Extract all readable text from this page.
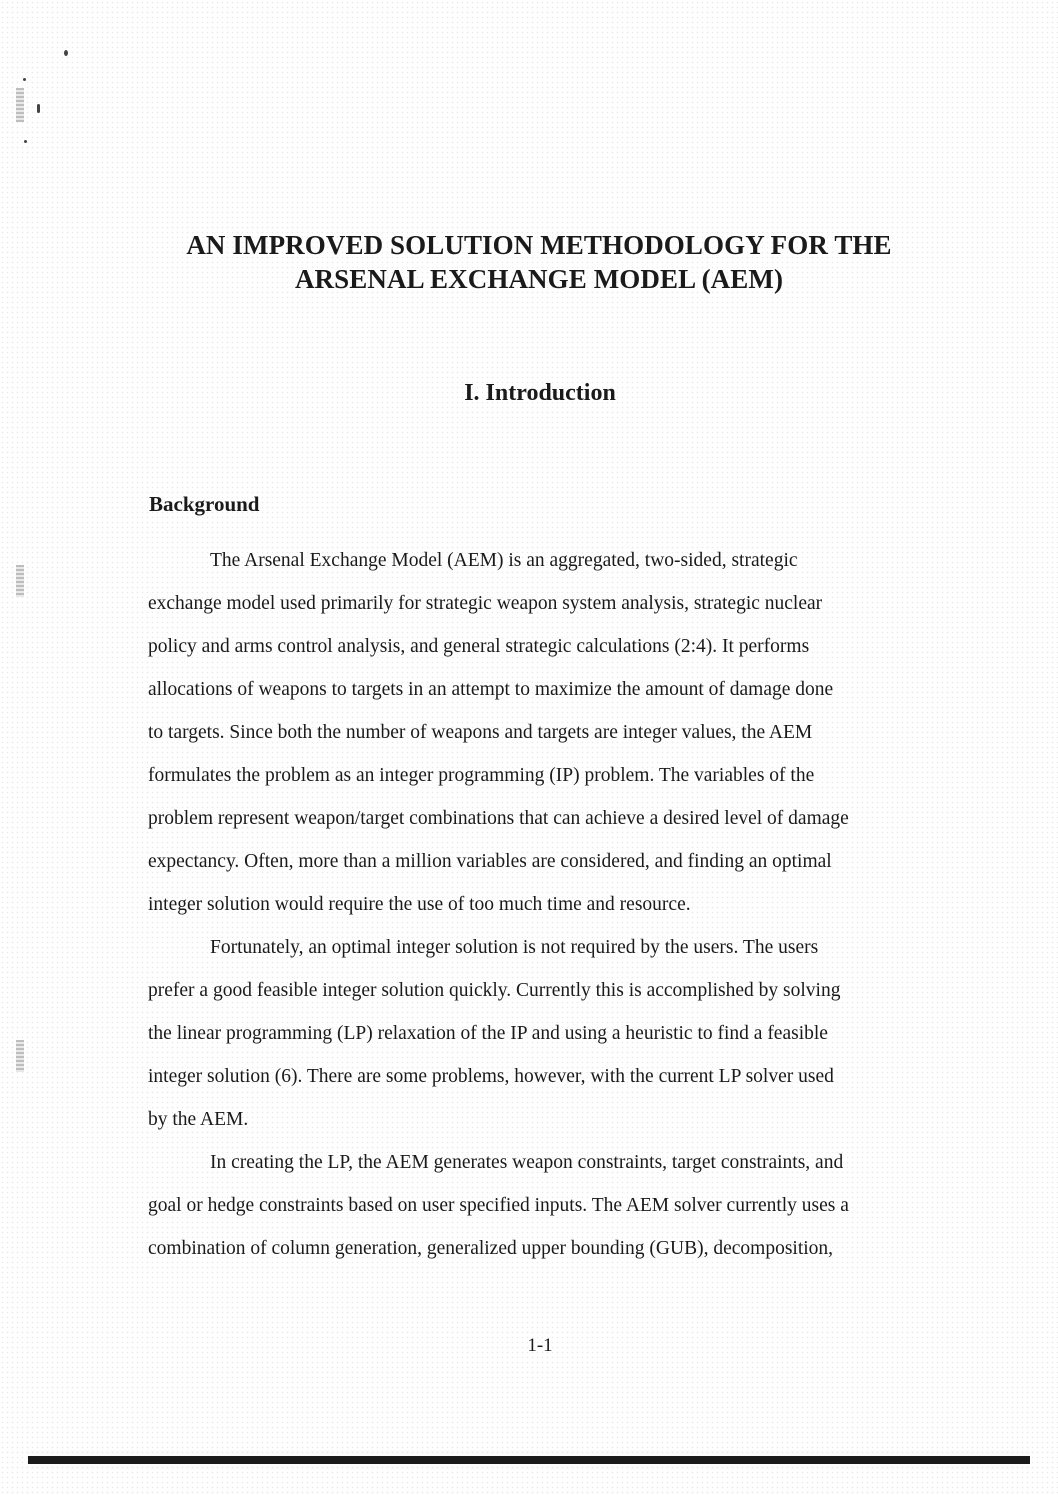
AN IMPROVED SOLUTION METHODOLOGY FOR THE
ARSENAL EXCHANGE MODEL (AEM)
I. Introduction
Background

The Arsenal Exchange Model (AEM) is an aggregated, two-sided, strategic
exchange model used primarily for strategic weapon system analysis, strategic nuclear
policy and arms control analysis, and general strategic calculations (2:4). It performs
allocations of weapons to targets in an attempt to maximize the amount of damage done
to targets. Since both the number of weapons and targets are integer values, the AEM
formulates the problem as an integer programming (IP) problem. The variables of the
problem represent weapon/target combinations that can achieve a desired level of damage
expectancy. Often, more than a million variables are considered, and finding an optimal
integer solution would require the use of too much time and resource.

Fortunately, an optimal integer solution is not required by the users. The users
prefer a good feasible integer solution quickly. Currently this is accomplished by solving
the linear programming (LP) relaxation of the IP and using a heuristic to find a feasible
integer solution (6). There are some problems, however, with the current LP solver used
by the AEM.

In creating the LP, the AEM generates weapon constraints, target constraints, and
goal or hedge constraints based on user specified inputs. The AEM solver currently uses a
combination of column generation, generalized upper bounding (GUB), decomposition,

1-1
